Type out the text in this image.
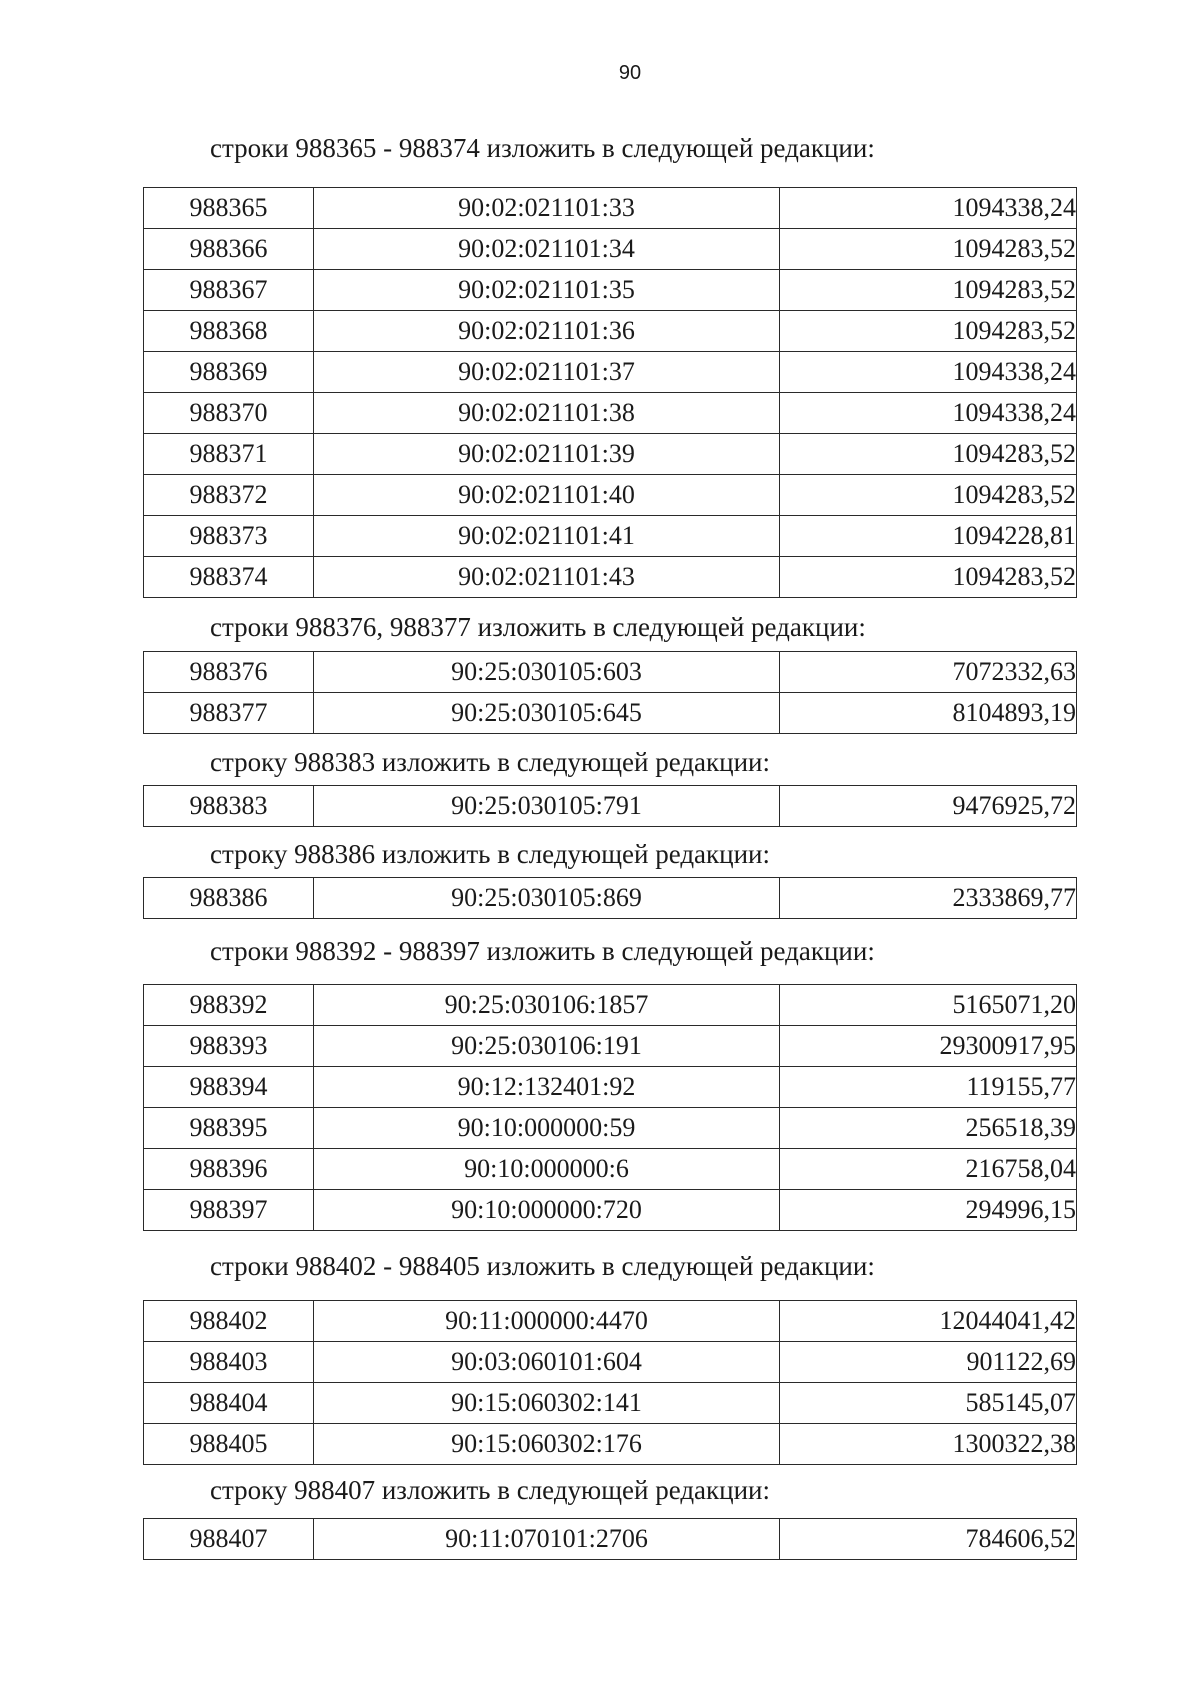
90
строки 988365 - 988374 изложить в следующей редакции:
988365	90:02:021101:33	1094338,24
988366	90:02:021101:34	1094283,52
988367	90:02:021101:35	1094283,52
988368	90:02:021101:36	1094283,52
988369	90:02:021101:37	1094338,24
988370	90:02:021101:38	1094338,24
988371	90:02:021101:39	1094283,52
988372	90:02:021101:40	1094283,52
988373	90:02:021101:41	1094228,81
988374	90:02:021101:43	1094283,52
строки 988376, 988377 изложить в следующей редакции:
988376	90:25:030105:603	7072332,63
988377	90:25:030105:645	8104893,19
строку 988383 изложить в следующей редакции:
988383	90:25:030105:791	9476925,72
строку 988386 изложить в следующей редакции:
988386	90:25:030105:869	2333869,77
строки 988392 - 988397 изложить в следующей редакции:
988392	90:25:030106:1857	5165071,20
988393	90:25:030106:191	29300917,95
988394	90:12:132401:92	119155,77
988395	90:10:000000:59	256518,39
988396	90:10:000000:6	216758,04
988397	90:10:000000:720	294996,15
строки 988402 - 988405 изложить в следующей редакции:
988402	90:11:000000:4470	12044041,42
988403	90:03:060101:604	901122,69
988404	90:15:060302:141	585145,07
988405	90:15:060302:176	1300322,38
строку 988407 изложить в следующей редакции:
988407	90:11:070101:2706	784606,52
